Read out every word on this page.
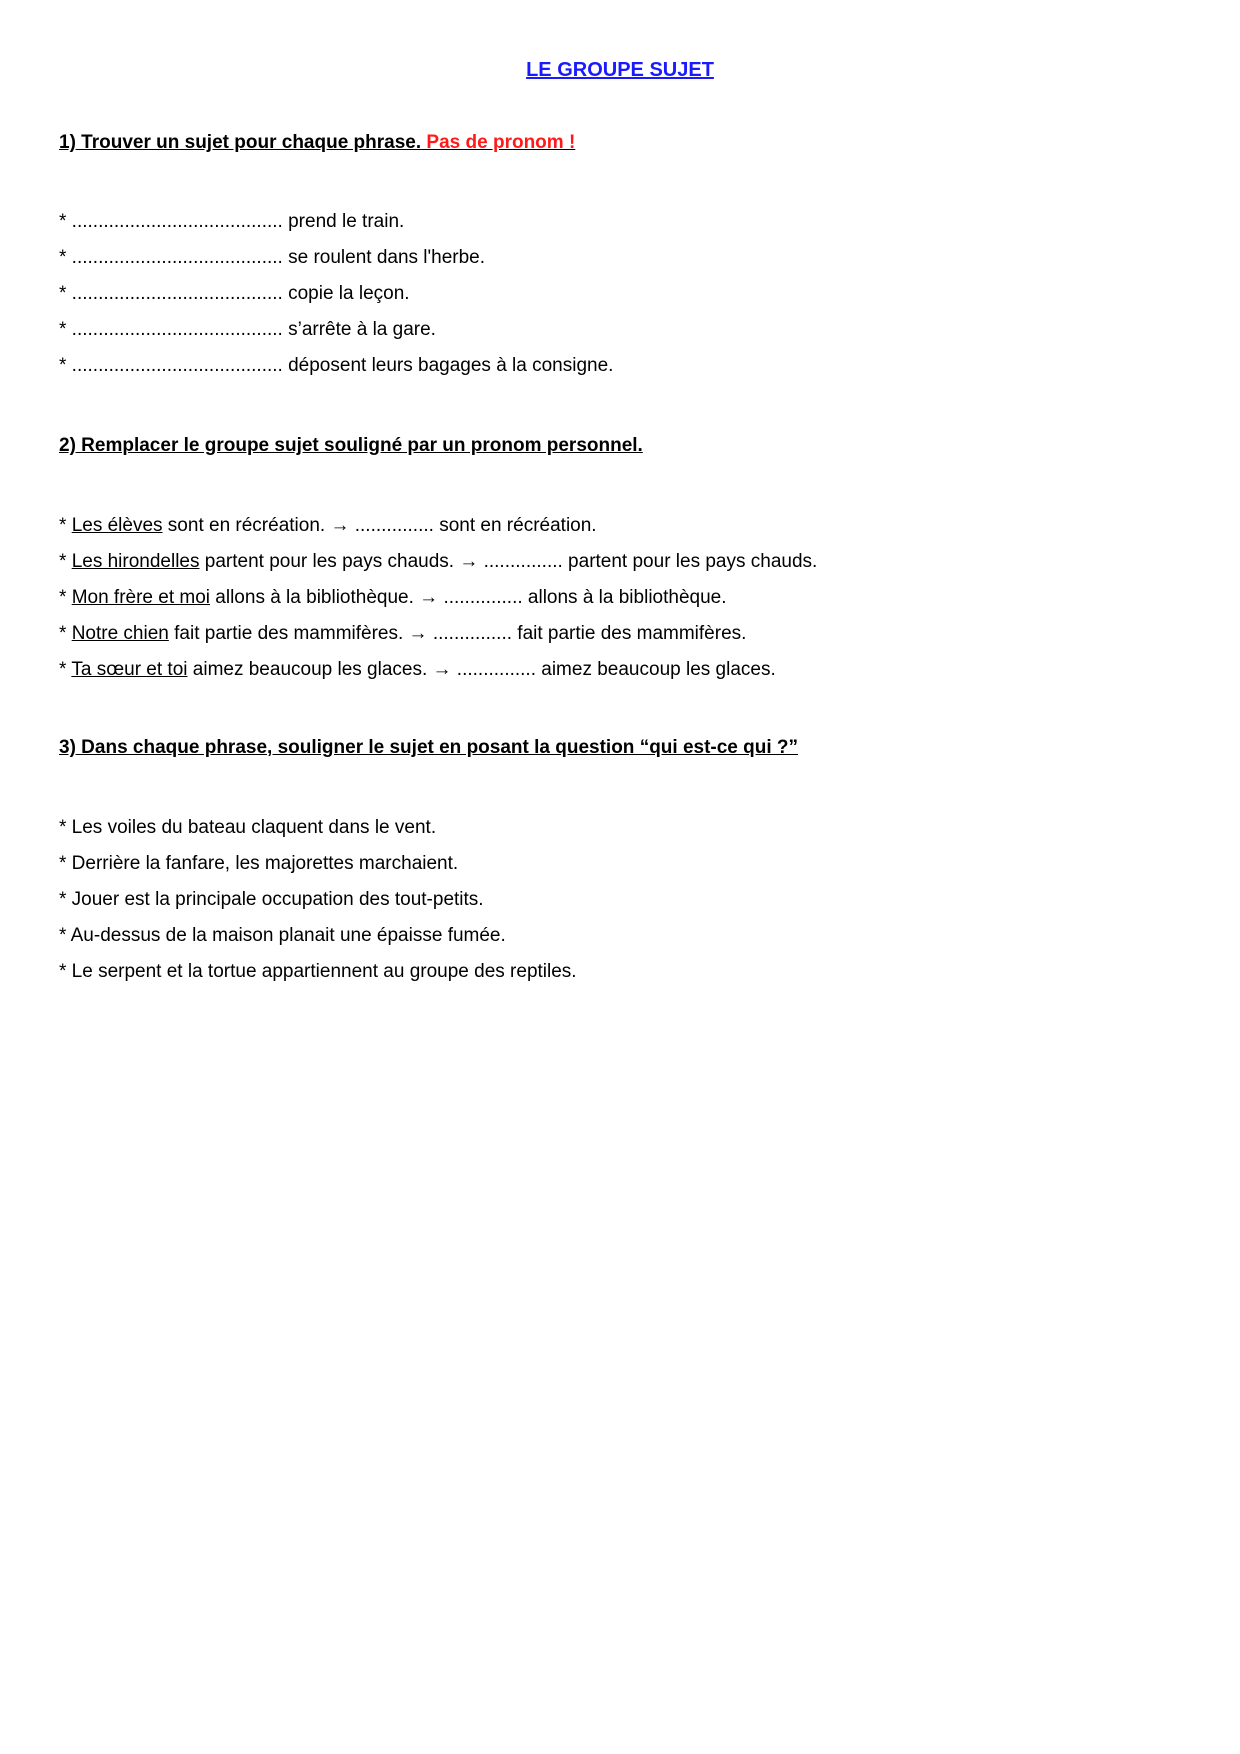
LE GROUPE SUJET

1) Trouver un sujet pour chaque phrase. Pas de pronom !

* ........................................ prend le train.
* ........................................ se roulent dans l'herbe.
* ........................................ copie la leçon.
* ........................................ s’arrête à la gare.
* ........................................ déposent leurs bagages à la consigne.

2) Remplacer le groupe sujet souligné par un pronom personnel.

* Les élèves sont en récréation. → ............... sont en récréation.
* Les hirondelles partent pour les pays chauds. → ............... partent pour les pays chauds.
* Mon frère et moi allons à la bibliothèque. → ............... allons à la bibliothèque.
* Notre chien fait partie des mammifères. → ............... fait partie des mammifères.
* Ta sœur et toi aimez beaucoup les glaces. → ............... aimez beaucoup les glaces.

3) Dans chaque phrase, souligner le sujet en posant la question “qui est-ce qui ?”

* Les voiles du bateau claquent dans le vent.
* Derrière la fanfare, les majorettes marchaient.
* Jouer est la principale occupation des tout-petits.
* Au-dessus de la maison planait une épaisse fumée.
* Le serpent et la tortue appartiennent au groupe des reptiles.
